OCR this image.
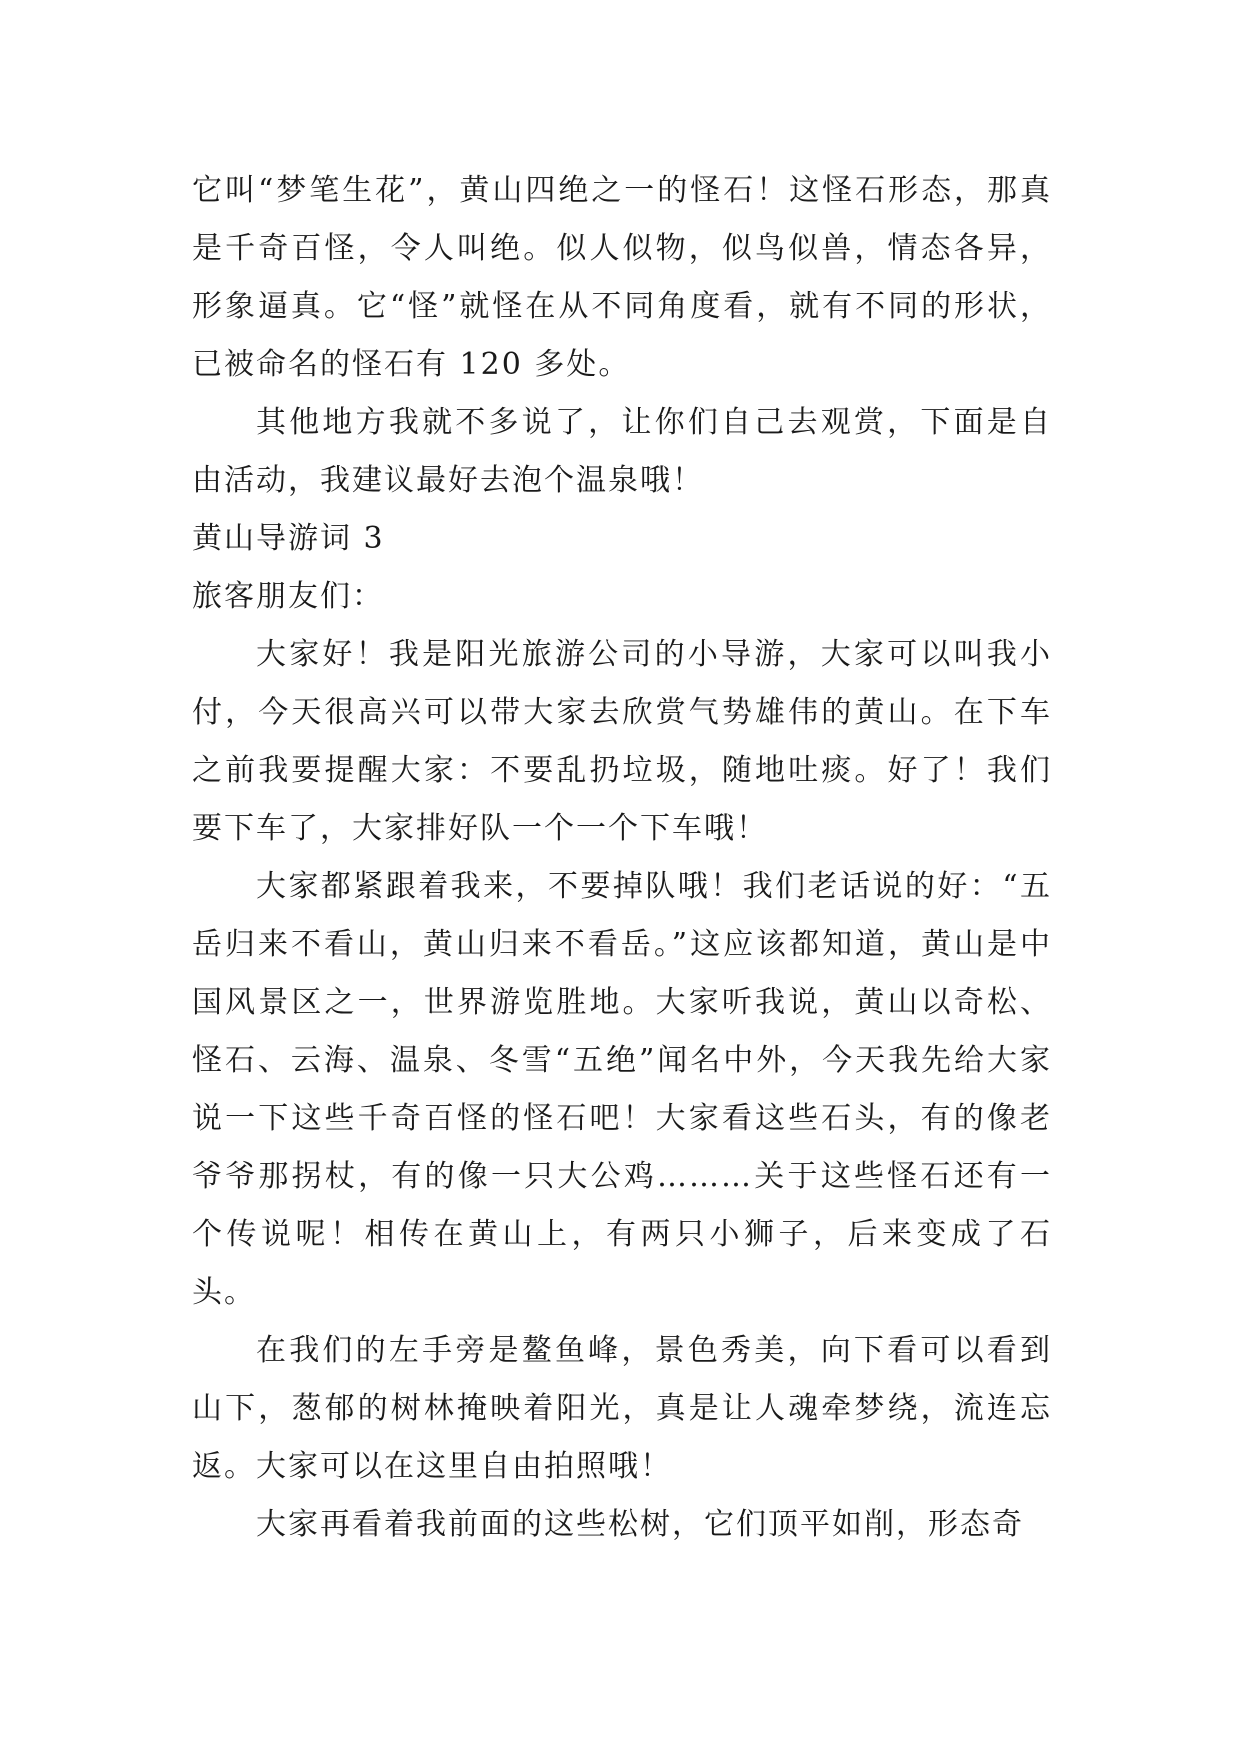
它叫“梦笔生花”，黄山四绝之一的怪石！这怪石形态，那真是千奇百怪，令人叫绝。似人似物，似鸟似兽，情态各异，形象逼真。它“怪”就怪在从不同角度看，就有不同的形状，已被命名的怪石有 120 多处。

其他地方我就不多说了，让你们自己去观赏，下面是自由活动，我建议最好去泡个温泉哦！

黄山导游词 3

旅客朋友们：

大家好！我是阳光旅游公司的小导游，大家可以叫我小付，今天很高兴可以带大家去欣赏气势雄伟的黄山。在下车之前我要提醒大家：不要乱扔垃圾，随地吐痰。好了！我们要下车了，大家排好队一个一个下车哦！

大家都紧跟着我来，不要掉队哦！我们老话说的好：“五岳归来不看山，黄山归来不看岳。”这应该都知道，黄山是中国风景区之一，世界游览胜地。大家听我说，黄山以奇松、怪石、云海、温泉、冬雪“五绝”闻名中外，今天我先给大家说一下这些千奇百怪的怪石吧！大家看这些石头，有的像老爷爷那拐杖，有的像一只大公鸡………关于这些怪石还有一个传说呢！相传在黄山上，有两只小狮子，后来变成了石头。

在我们的左手旁是鳌鱼峰，景色秀美，向下看可以看到山下，葱郁的树林掩映着阳光，真是让人魂牵梦绕，流连忘返。大家可以在这里自由拍照哦！

大家再看着我前面的这些松树，它们顶平如削，形态奇
